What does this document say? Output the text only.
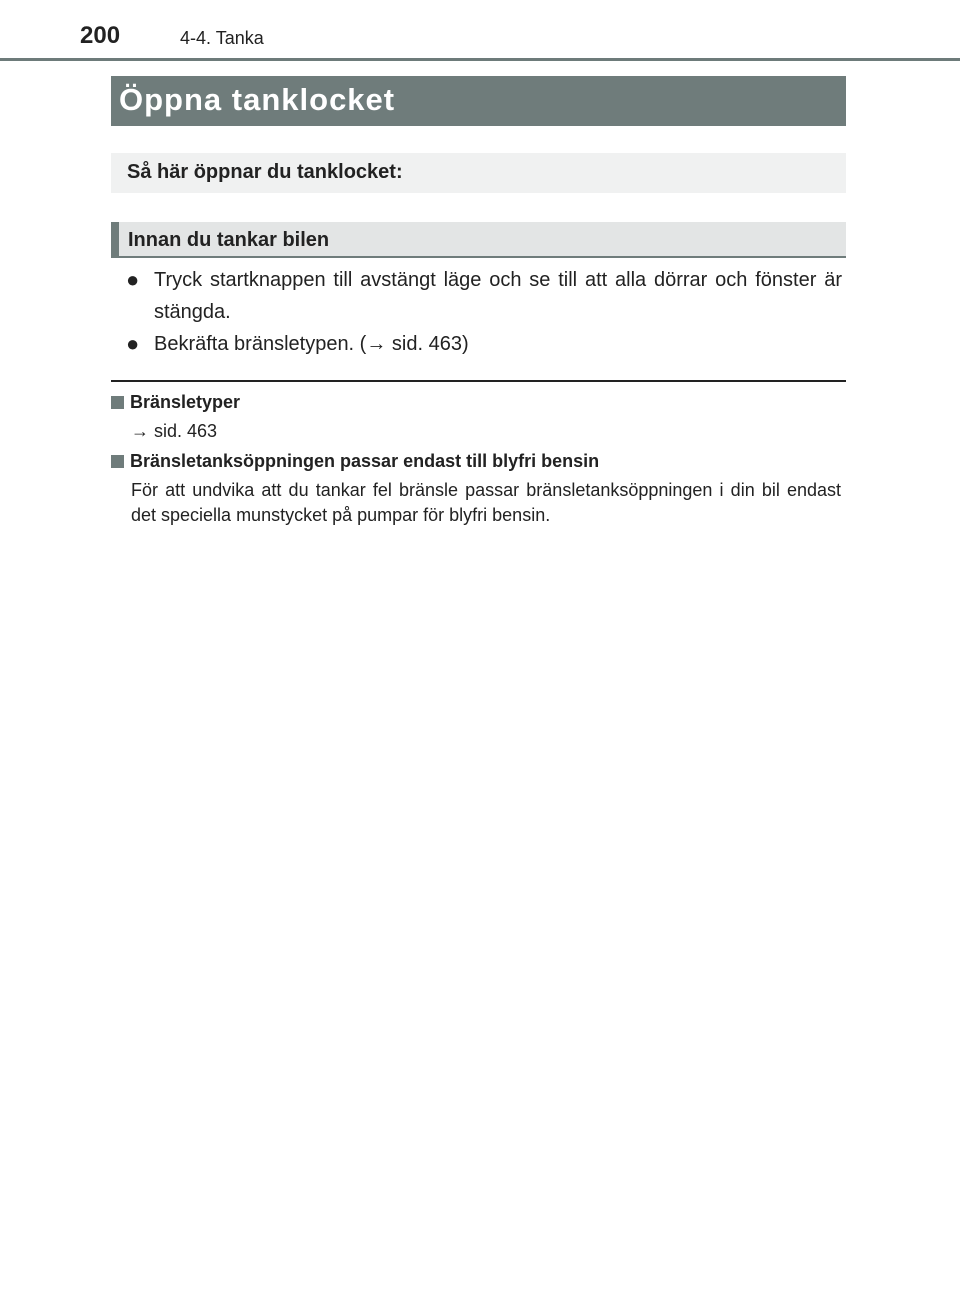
200	4-4. Tanka
Öppna tanklocket
Så här öppnar du tanklocket:
Innan du tankar bilen
● Tryck startknappen till avstängt läge och se till att alla dörrar och fönster är stängda.
● Bekräfta bränsletypen. (→ sid. 463)
Bränsletyper
→ sid. 463
Bränsletanksöppningen passar endast till blyfri bensin
För att undvika att du tankar fel bränsle passar bränsletanksöppningen i din bil endast det speciella munstycket på pumpar för blyfri bensin.
